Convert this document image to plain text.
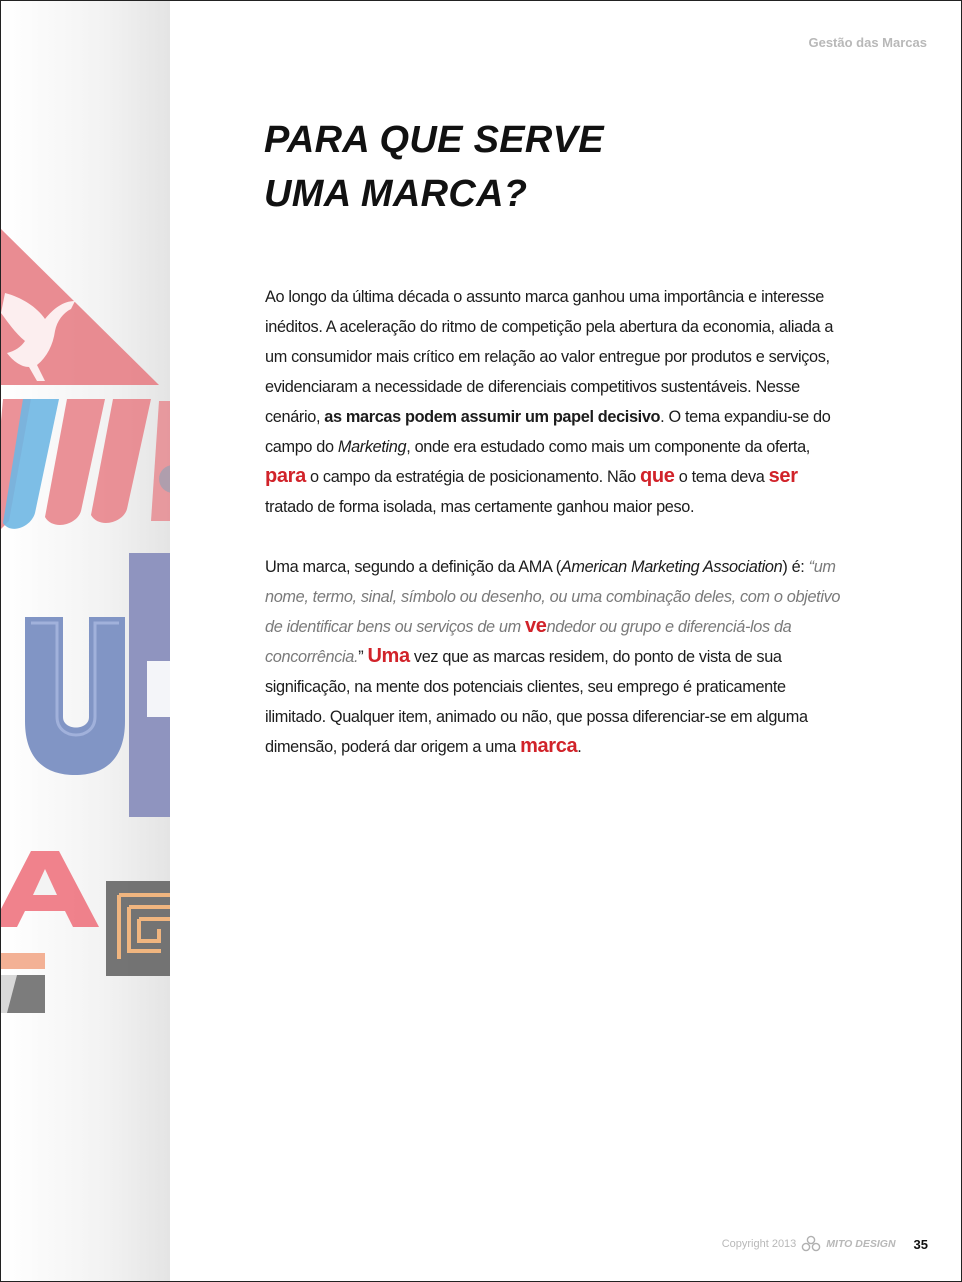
Gestão das Marcas
PARA QUE SERVE
UMA MARCA?

Ao longo da última década o assunto marca ganhou uma importância e interesse inéditos. A aceleração do ritmo de competição pela abertura da economia, aliada a um consumidor mais crítico em relação ao valor entregue por produtos e serviços, evidenciaram a necessidade de diferenciais competitivos sustentáveis. Nesse cenário, as marcas podem assumir um papel decisivo. O tema expandiu-se do campo do Marketing, onde era estudado como mais um componente da oferta, para o campo da estratégia de posicionamento. Não que o tema deva ser tratado de forma isolada, mas certamente ganhou maior peso.

Uma marca, segundo a definição da AMA (American Marketing Association) é: “um nome, termo, sinal, símbolo ou desenho, ou uma combinação deles, com o objetivo de identificar bens ou serviços de um vendedor ou grupo e diferenciá-los da concorrência.” Uma vez que as marcas residem, do ponto de vista de sua significação, na mente dos potenciais clientes, seu emprego é praticamente ilimitado. Qualquer item, animado ou não, que possa diferenciar-se em alguma dimensão, poderá dar origem a uma marca.

Copyright 2013	MITO DESIGN 35
